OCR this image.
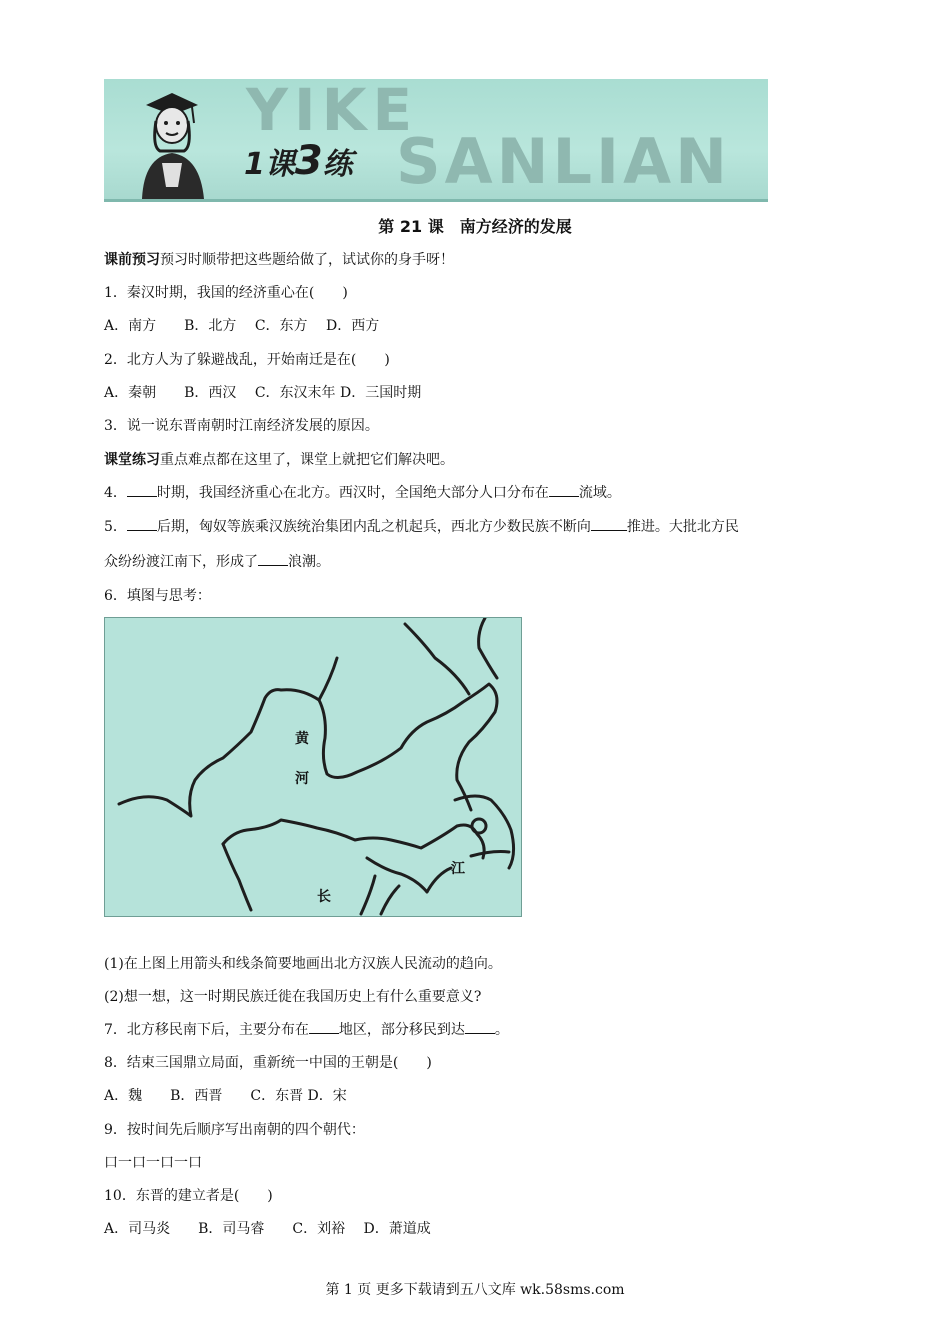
YIKE
SANLIAN
1课3练
第 21 课　南方经济的发展
课前预习预习时顺带把这些题给做了，试试你的身手呀！
1．秦汉时期，我国的经济重心在(　　)
A．南方　　B．北方　 C．东方　 D．西方
2．北方人为了躲避战乱，开始南迁是在(　　)
A．秦朝　　B．西汉　 C．东汉末年 D．三国时期
3．说一说东晋南朝时江南经济发展的原因。
课堂练习重点难点都在这里了，课堂上就把它们解决吧。
4． 时期，我国经济重心在北方。西汉时，全国绝大部分人口分布在 流域。
5． 后期，匈奴等族乘汉族统治集团内乱之机起兵，西北方少数民族不断向	推进。大批北方民
众纷纷渡江南下，形成了 浪潮。
6．填图与思考：
黄
河
长
江
(1)在上图上用箭头和线条简要地画出北方汉族人民流动的趋向。
(2)想一想，这一时期民族迁徙在我国历史上有什么重要意义?
7．北方移民南下后，主要分布在 地区，部分移民到达 。
8．结束三国鼎立局面，重新统一中国的王朝是(　　)
A．魏　　B．西晋　　C．东晋 D．宋
9．按时间先后顺序写出南朝的四个朝代：
口一口一口一口
10．东晋的建立者是(　　)
A．司马炎　　B．司马睿　　C．刘裕　 D．萧道成
第 1 页 更多下载请到五八文库 wk.58sms.com
